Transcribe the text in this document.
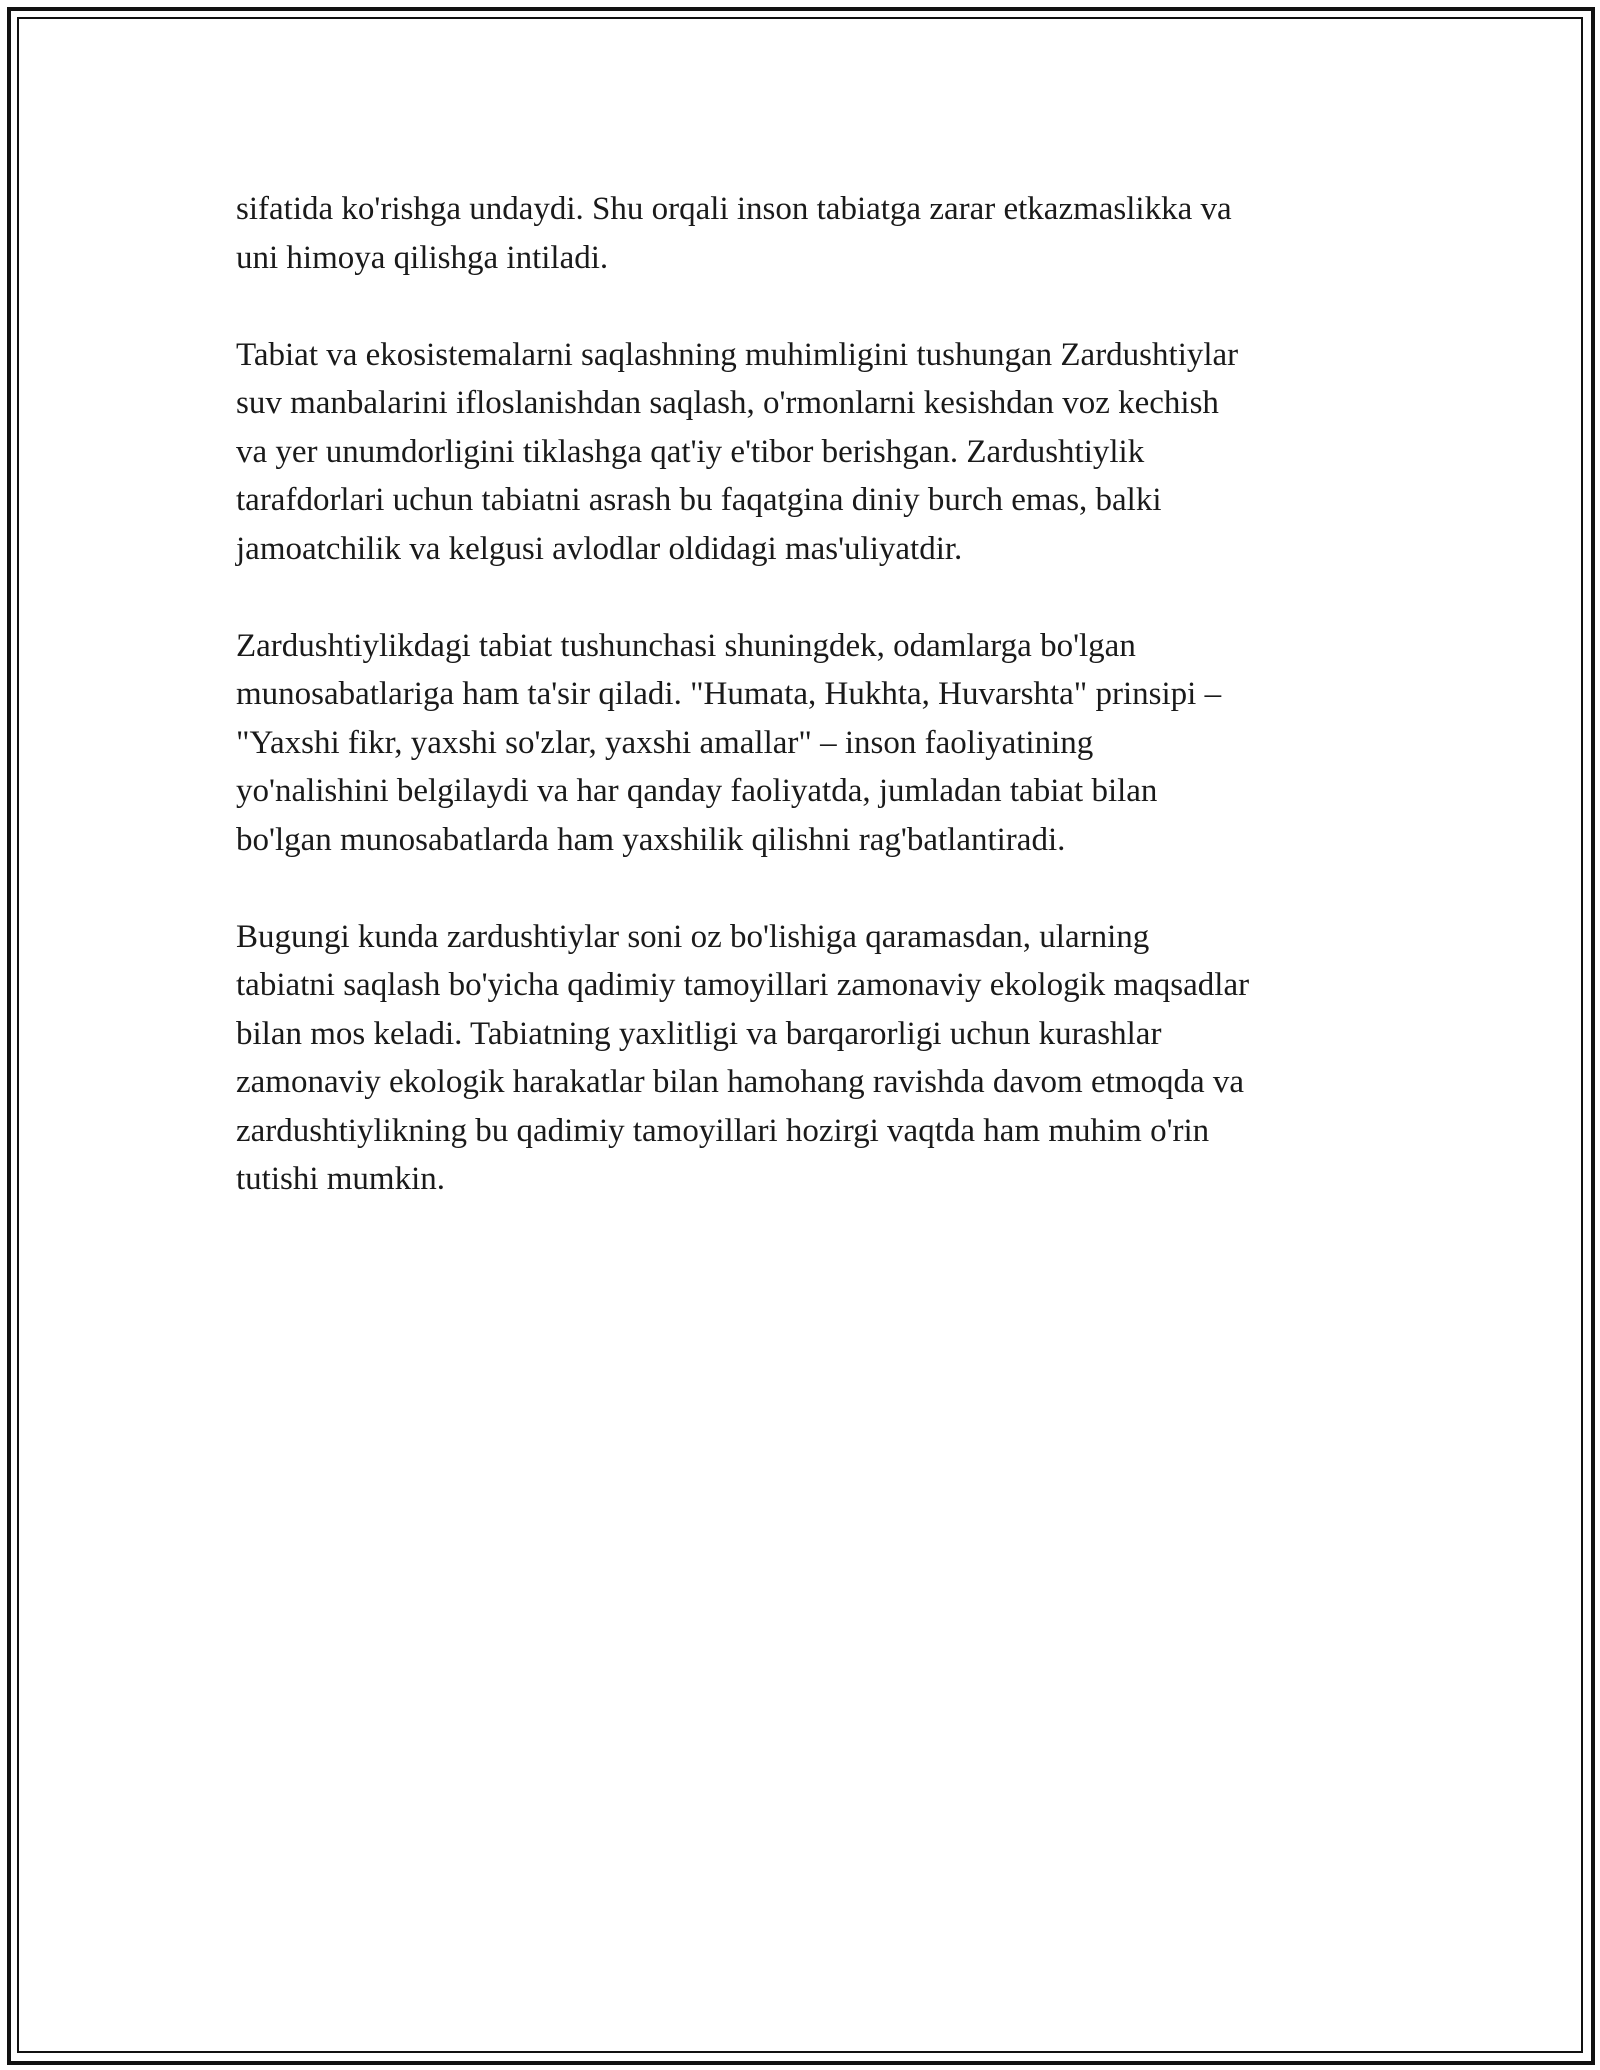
sifatida ko'rishga undaydi. Shu orqali inson tabiatga zarar etkazmaslikka va
uni himoya qilishga intiladi.

Tabiat va ekosistemalarni saqlashning muhimligini tushungan Zardushtiylar
suv manbalarini ifloslanishdan saqlash, o'rmonlarni kesishdan voz kechish
va yer unumdorligini tiklashga qat'iy e'tibor berishgan. Zardushtiylik
tarafdorlari uchun tabiatni asrash bu faqatgina diniy burch emas, balki
jamoatchilik va kelgusi avlodlar oldidagi mas'uliyatdir.

Zardushtiylikdagi tabiat tushunchasi shuningdek, odamlarga bo'lgan
munosabatlariga ham ta'sir qiladi. "Humata, Hukhta, Huvarshta" prinsipi –
"Yaxshi fikr, yaxshi so'zlar, yaxshi amallar" – inson faoliyatining
yo'nalishini belgilaydi va har qanday faoliyatda, jumladan tabiat bilan
bo'lgan munosabatlarda ham yaxshilik qilishni rag'batlantiradi.

Bugungi kunda zardushtiylar soni oz bo'lishiga qaramasdan, ularning
tabiatni saqlash bo'yicha qadimiy tamoyillari zamonaviy ekologik maqsadlar
bilan mos keladi. Tabiatning yaxlitligi va barqarorligi uchun kurashlar
zamonaviy ekologik harakatlar bilan hamohang ravishda davom etmoqda va
zardushtiylikning bu qadimiy tamoyillari hozirgi vaqtda ham muhim o'rin
tutishi mumkin.
